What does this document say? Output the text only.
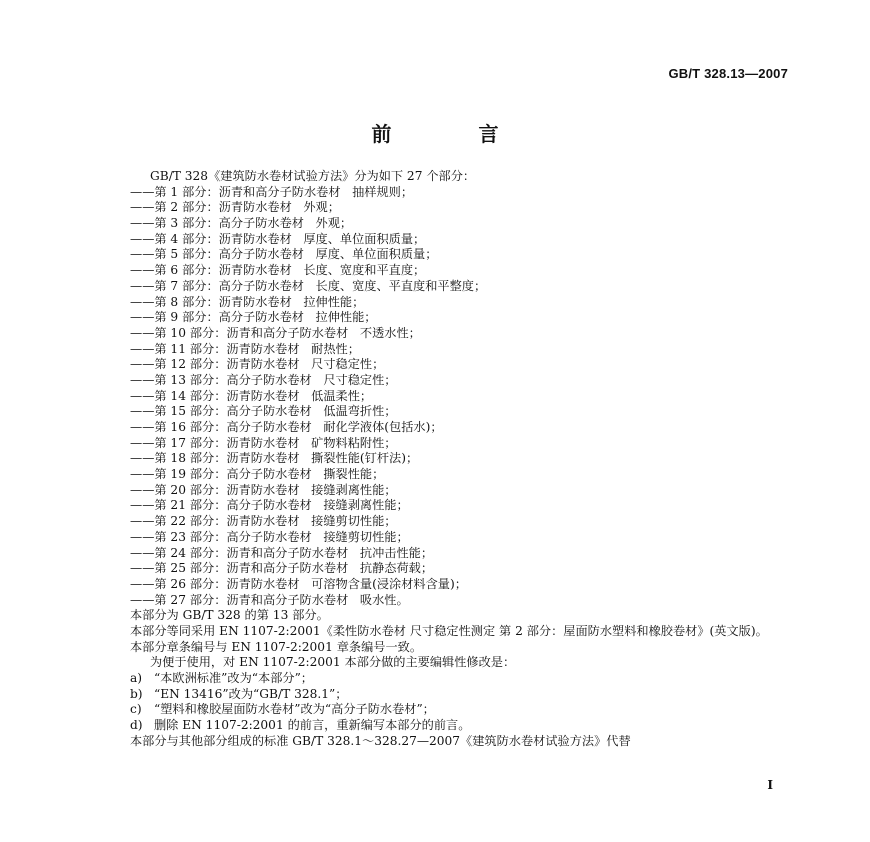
GB/T 328.13—2007
前 言
GB/T 328《建筑防水卷材试验方法》分为如下 27 个部分：
——第 1 部分：沥青和高分子防水卷材   抽样规则；
——第 2 部分：沥青防水卷材   外观；
——第 3 部分：高分子防水卷材   外观；
——第 4 部分：沥青防水卷材   厚度、单位面积质量；
——第 5 部分：高分子防水卷材   厚度、单位面积质量；
——第 6 部分：沥青防水卷材   长度、宽度和平直度；
——第 7 部分：高分子防水卷材   长度、宽度、平直度和平整度；
——第 8 部分：沥青防水卷材   拉伸性能；
——第 9 部分：高分子防水卷材   拉伸性能；
——第 10 部分：沥青和高分子防水卷材   不透水性；
——第 11 部分：沥青防水卷材   耐热性；
——第 12 部分：沥青防水卷材   尺寸稳定性；
——第 13 部分：高分子防水卷材   尺寸稳定性；
——第 14 部分：沥青防水卷材   低温柔性；
——第 15 部分：高分子防水卷材   低温弯折性；
——第 16 部分：高分子防水卷材   耐化学液体(包括水)；
——第 17 部分：沥青防水卷材   矿物料粘附性；
——第 18 部分：沥青防水卷材   撕裂性能(钉杆法)；
——第 19 部分：高分子防水卷材   撕裂性能；
——第 20 部分：沥青防水卷材   接缝剥离性能；
——第 21 部分：高分子防水卷材   接缝剥离性能；
——第 22 部分：沥青防水卷材   接缝剪切性能；
——第 23 部分：高分子防水卷材   接缝剪切性能；
——第 24 部分：沥青和高分子防水卷材   抗冲击性能；
——第 25 部分：沥青和高分子防水卷材   抗静态荷载；
——第 26 部分：沥青防水卷材   可溶物含量(浸涂材料含量)；
——第 27 部分：沥青和高分子防水卷材   吸水性。
本部分为 GB/T 328 的第 13 部分。
本部分等同采用 EN 1107-2:2001《柔性防水卷材 尺寸稳定性测定 第 2 部分：屋面防水塑料和橡胶卷材》(英文版)。
本部分章条编号与 EN 1107-2:2001 章条编号一致。
为便于使用，对 EN 1107-2:2001 本部分做的主要编辑性修改是：
a) “本欧洲标准”改为“本部分”；
b) “EN 13416”改为“GB/T 328.1”；
c) “塑料和橡胶屋面防水卷材”改为“高分子防水卷材”；
d) 删除 EN 1107-2:2001 的前言，重新编写本部分的前言。
本部分与其他部分组成的标准 GB/T 328.1～328.27—2007《建筑防水卷材试验方法》代替
I
